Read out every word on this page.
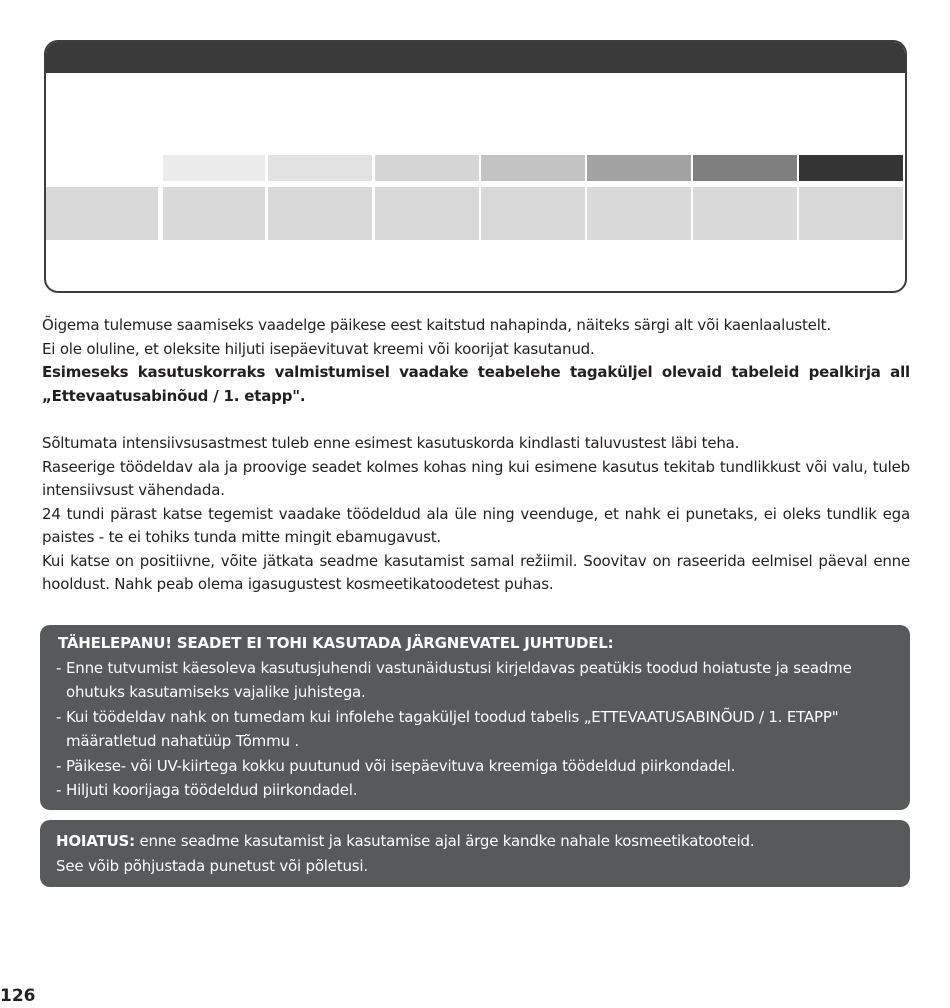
Õigema tulemuse saamiseks vaadelge päikese eest kaitstud nahapinda, näiteks särgi alt või kaenlaalustelt.

Ei ole oluline, et oleksite hiljuti isepäevituvat kreemi või koorijat kasutanud.

Esimeseks kasutuskorraks valmistumisel vaadake teabelehe tagaküljel olevaid tabeleid pealkirja all „Ettevaatusabinõud / 1. etapp".

Sõltumata intensiivsusastmest tuleb enne esimest kasutuskorda kindlasti taluvustest läbi teha.

Raseerige töödeldav ala ja proovige seadet kolmes kohas ning kui esimene kasutus tekitab tundlikkust või valu, tuleb intensiivsust vähendada.

24 tundi pärast katse tegemist vaadake töödeldud ala üle ning veenduge, et nahk ei punetaks, ei oleks tundlik ega paistes - te ei tohiks tunda mitte mingit ebamugavust.

Kui katse on positiivne, võite jätkata seadme kasutamist samal režiimil. Soovitav on raseerida eelmisel päeval enne hooldust. Nahk peab olema igasugustest kosmeetikatoodetest puhas.

TÄHELEPANU! SEADET EI TOHI KASUTADA JÄRGNEVATEL JUHTUDEL:
- Enne tutvumist käesoleva kasutusjuhendi vastunäidustusi kirjeldavas peatükis toodud hoiatuste ja seadme ohutuks kasutamiseks vajalike juhistega.
- Kui töödeldav nahk on tumedam kui infolehe tagaküljel toodud tabelis „ETTEVAATUSABINÕUD / 1. ETAPP" määratletud nahatüüp Tõmmu .
- Päikese- või UV-kiirtega kokku puutunud või isepäevituva kreemiga töödeldud piirkondadel.
- Hiljuti koorijaga töödeldud piirkondadel.
HOIATUS: enne seadme kasutamist ja kasutamise ajal ärge kandke nahale kosmeetikatooteid.
See võib põhjustada punetust või põletusi.
126
